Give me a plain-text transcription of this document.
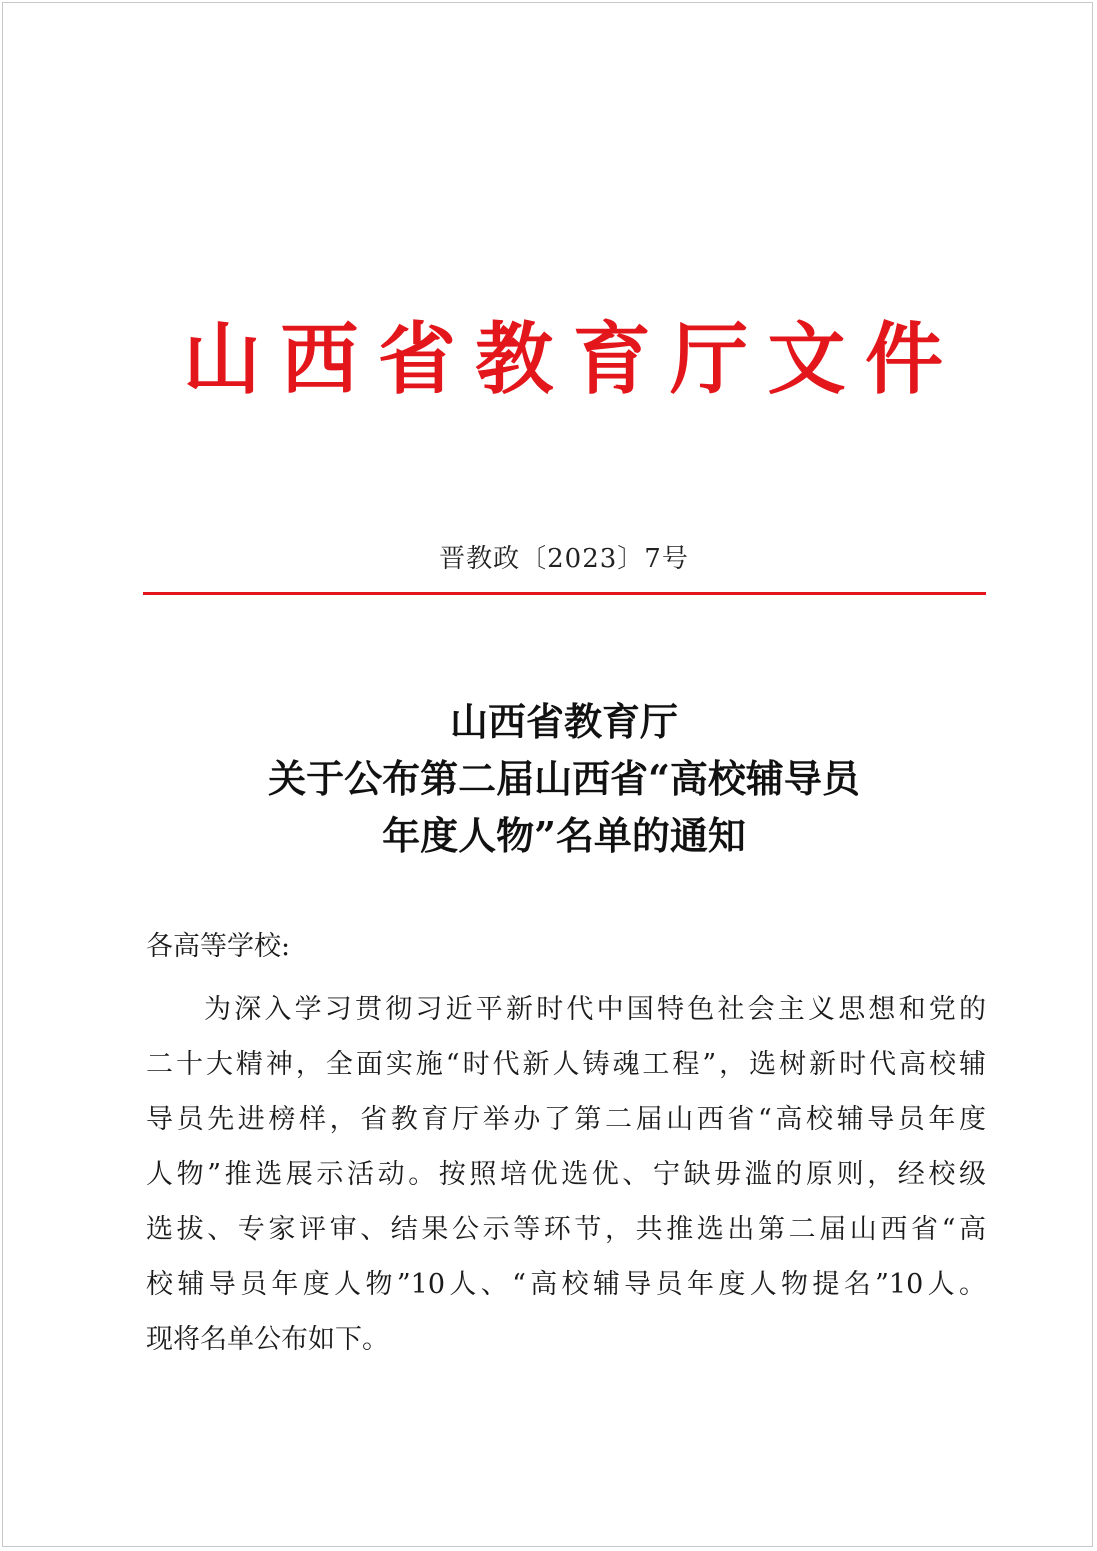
山 西 省 教 育 厅 文 件
晋教政〔2023〕7号
山西省教育厅
关于公布第二届山西省“高校辅导员
年度人物”名单的通知
各高等学校:
为深入学习贯彻习近平新时代中国特色社会主义思想和党的
二十大精神，全面实施“时代新人铸魂工程”，选树新时代高校辅
导员先进榜样，省教育厅举办了第二届山西省“高校辅导员年度
人物”推选展示活动。按照培优选优、宁缺毋滥的原则，经校级
选拔、专家评审、结果公示等环节，共推选出第二届山西省“高
校辅导员年度人物”10人、“高校辅导员年度人物提名”10人。
现将名单公布如下。
